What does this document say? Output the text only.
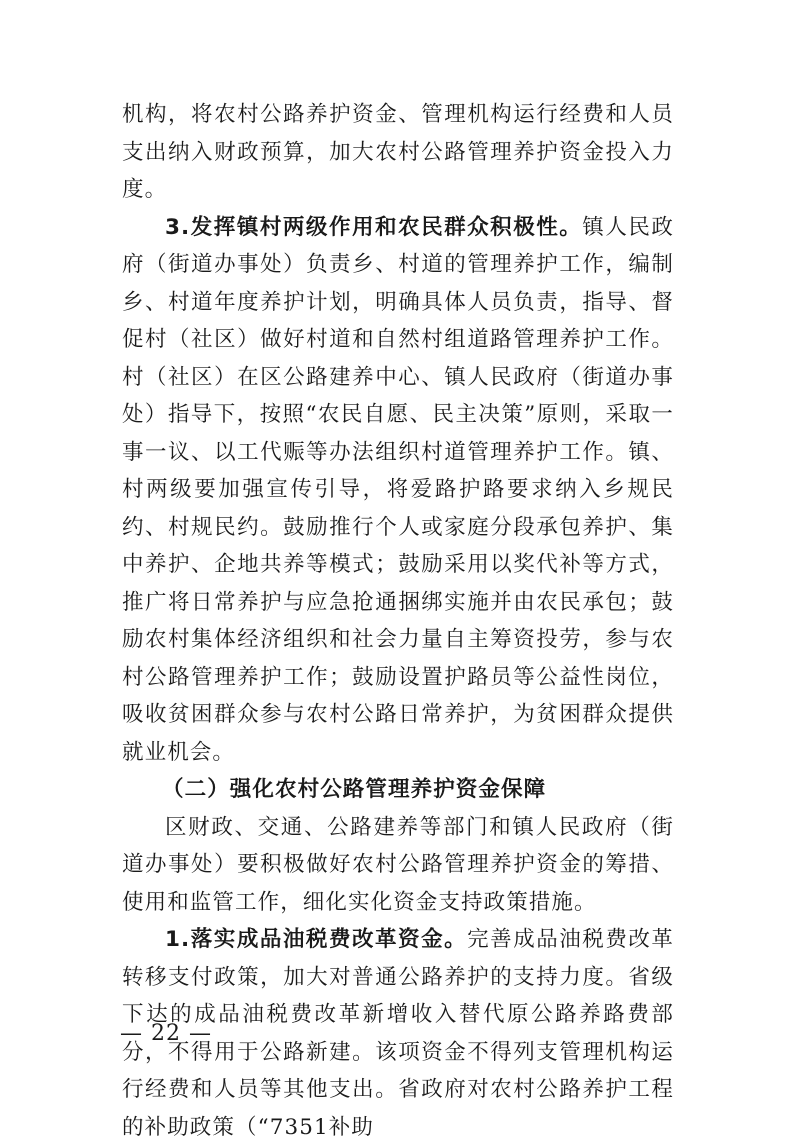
机构，将农村公路养护资金、管理机构运行经费和人员支出纳入财政预算，加大农村公路管理养护资金投入力度。

3.发挥镇村两级作用和农民群众积极性。镇人民政府（街道办事处）负责乡、村道的管理养护工作，编制乡、村道年度养护计划，明确具体人员负责，指导、督促村（社区）做好村道和自然村组道路管理养护工作。村（社区）在区公路建养中心、镇人民政府（街道办事处）指导下，按照“农民自愿、民主决策”原则，采取一事一议、以工代赈等办法组织村道管理养护工作。镇、村两级要加强宣传引导，将爱路护路要求纳入乡规民约、村规民约。鼓励推行个人或家庭分段承包养护、集中养护、企地共养等模式；鼓励采用以奖代补等方式，推广将日常养护与应急抢通捆绑实施并由农民承包；鼓励农村集体经济组织和社会力量自主筹资投劳，参与农村公路管理养护工作；鼓励设置护路员等公益性岗位，吸收贫困群众参与农村公路日常养护，为贫困群众提供就业机会。

（二）强化农村公路管理养护资金保障

区财政、交通、公路建养等部门和镇人民政府（街道办事处）要积极做好农村公路管理养护资金的筹措、使用和监管工作，细化实化资金支持政策措施。

1.落实成品油税费改革资金。完善成品油税费改革转移支付政策，加大对普通公路养护的支持力度。省级下达的成品油税费改革新增收入替代原公路养路费部分，不得用于公路新建。该项资金不得列支管理机构运行经费和人员等其他支出。省政府对农村公路养护工程的补助政策（“7351补助

— 22 —
